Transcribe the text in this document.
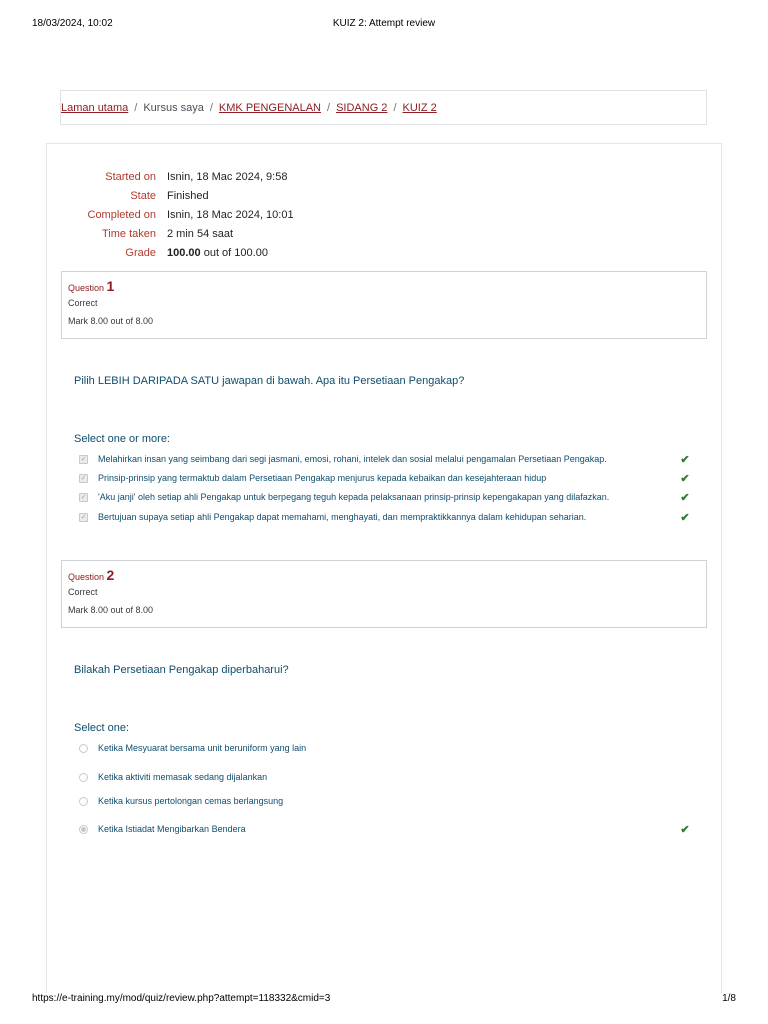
18/03/2024, 10:02	KUIZ 2: Attempt review
Laman utama / Kursus saya / KMK PENGENALAN / SIDANG 2 / KUIZ 2
Started on	Isnin, 18 Mac 2024, 9:58
State	Finished
Completed on	Isnin, 18 Mac 2024, 10:01
Time taken	2 min 54 saat
Grade	100.00 out of 100.00
Question 1
Correct
Mark 8.00 out of 8.00
Pilih LEBIH DARIPADA SATU jawapan di bawah. Apa itu Persetiaan Pengakap?
Select one or more:
✓ Melahirkan insan yang seimbang dari segi jasmani, emosi, rohani, intelek dan sosial melalui pengamalan Persetiaan Pengakap.	✔
✓ Prinsip-prinsip yang termaktub dalam Persetiaan Pengakap menjurus kepada kebaikan dan kesejahteraan hidup	✔
✓ 'Aku janji' oleh setiap ahli Pengakap untuk berpegang teguh kepada pelaksanaan prinsip-prinsip kepengakapan yang dilafazkan.	✔
✓ Bertujuan supaya setiap ahli Pengakap dapat memahami, menghayati, dan mempraktikkannya dalam kehidupan seharian.	✔
Question 2
Correct
Mark 8.00 out of 8.00
Bilakah Persetiaan Pengakap diperbaharui?
Select one:
Ketika Mesyuarat bersama unit beruniform yang lain
Ketika aktiviti memasak sedang dijalankan
Ketika kursus pertolongan cemas berlangsung
Ketika Istiadat Mengibarkan Bendera	✔
https://e-training.my/mod/quiz/review.php?attempt=118332&cmid=3	1/8
